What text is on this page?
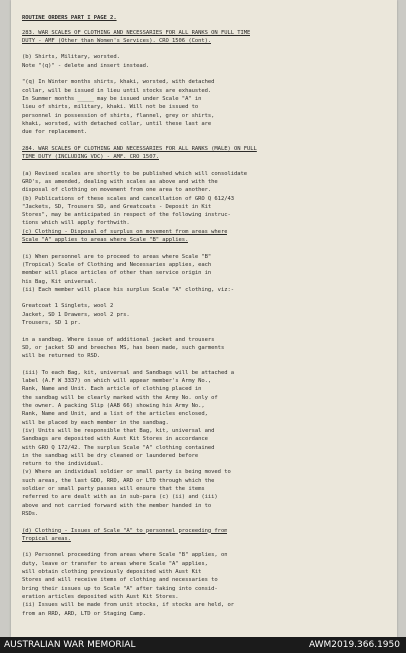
ROUTINE ORDERS PART I PAGE 2.
283. WAR SCALES OF CLOTHING AND NECESSARIES FOR ALL RANKS ON FULL TIME
DUTY - AMF (Other than Women's Services). CRO 1506 (Cont).
(b) Shirts, Military, worsted.
Note "(q)" - delete and insert instead.
"(q) In Winter months shirts, khaki, worsted, with detached
collar, will be issued in lieu until stocks are exhausted.
In Summer months _____ may be issued under Scale "A" in
lieu of shirts, military, khaki. Will not be issued to
personnel in possession of shirts, flannel, grey or shirts,
khaki, worsted, with detached collar, until these last are
due for replacement.
284. WAR SCALES OF CLOTHING AND NECESSARIES FOR ALL RANKS (MALE) ON FULL
TIME DUTY (INCLUDING VDC) - AMF. CRO 1507.
(a) Revised scales are shortly to be published which will consolidate
GRO's, as amended, dealing with scales as above and with the
disposal of clothing on movement from one area to another.
(b) Publications of these scales and cancellation of GRO Q 612/43
"Jackets, SD, Trousers SD, and Greatcoats - Deposit in Kit
Stores", may be anticipated in respect of the following instruc-
tions which will apply forthwith.
(c) Clothing - Disposal of surplus on movement from areas where
Scale "A" applies to areas where Scale "B" applies.
(i) When personnel are to proceed to areas where Scale "B"
(Tropical) Scale of Clothing and Necessaries applies, each
member will place articles of other than service origin in
his Bag, Kit universal.
(ii) Each member will place his surplus Scale "A" clothing, viz:-
Greatcoat 1 Singlets, wool 2
Jacket, SD 1 Drawers, wool 2 prs.
Trousers, SD 1 pr.
in a sandbag. Where issue of additional jacket and trousers
SD, or jacket SD and breeches MS, has been made, such garments
will be returned to RSD.
(iii) To each Bag, kit, universal and Sandbags will be attached a
label (A.F W 3337) on which will appear member's Army No.,
Rank, Name and Unit. Each article of clothing placed in
the sandbag will be clearly marked with the Army No. only of
the owner. A packing Slip (AAB 66) showing his Army No.,
Rank, Name and Unit, and a list of the articles enclosed,
will be placed by each member in the sandbag.
(iv) Units will be responsible that Bag, kit, universal and
Sandbags are deposited with Aust Kit Stores in accordance
with GRO Q 172/42. The surplus Scale "A" clothing contained
in the sandbag will be dry cleaned or laundered before
return to the individual.
(v) Where an individual soldier or small party is being moved to
such areas, the last GDD, RRD, ARD or LTD through which the
soldier or small party passes will ensure that the items
referred to are dealt with as in sub-para (c) (ii) and (iii)
above and not carried forward with the member handed in to
RSDs.
(d) Clothing - Issues of Scale "A" to personnel proceeding from
Tropical areas.
(i) Personnel proceeding from areas where Scale "B" applies, on
duty, leave or transfer to areas where Scale "A" applies,
will obtain clothing previously deposited with Aust Kit
Stores and will receive items of clothing and necessaries to
bring their issues up to Scale "A" after taking into consid-
eration articles deposited with Aust Kit Stores.
(ii) Issues will be made from unit stocks, if stocks are held, or
from an RRD, ARD, LTD or Staging Camp.
AUSTRALIAN WAR MEMORIAL	AWM2019.366.1950
